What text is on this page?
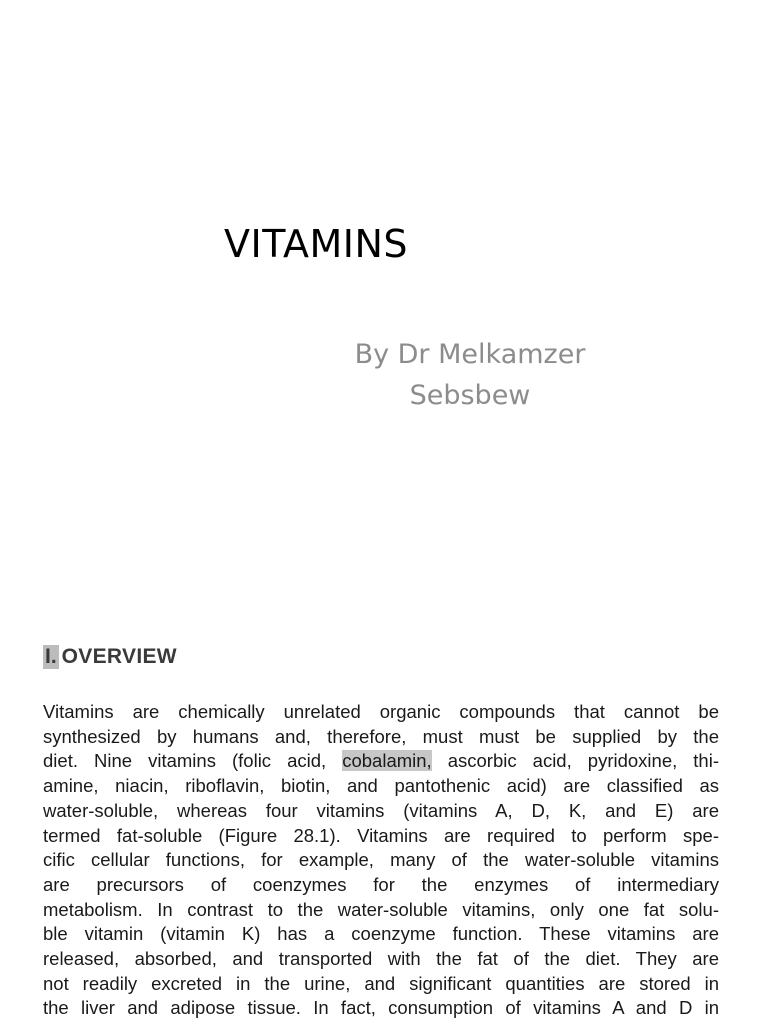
VITAMINS
By Dr Melkamzer
Sebsbew
I. OVERVIEW
Vitamins are chemically unrelated organic compounds that cannot be
synthesized by humans and, therefore, must must be supplied by the
diet. Nine vitamins (folic acid, cobalamin, ascorbic acid, pyridoxine, thi-
amine, niacin, riboflavin, biotin, and pantothenic acid) are classified as
water-soluble, whereas four vitamins (vitamins A, D, K, and E) are
termed fat-soluble (Figure 28.1). Vitamins are required to perform spe-
cific cellular functions, for example, many of the water-soluble vitamins
are precursors of coenzymes for the enzymes of intermediary
metabolism. In contrast to the water-soluble vitamins, only one fat solu-
ble vitamin (vitamin K) has a coenzyme function. These vitamins are
released, absorbed, and transported with the fat of the diet. They are
not readily excreted in the urine, and significant quantities are stored in
the liver and adipose tissue. In fact, consumption of vitamins A and D in
